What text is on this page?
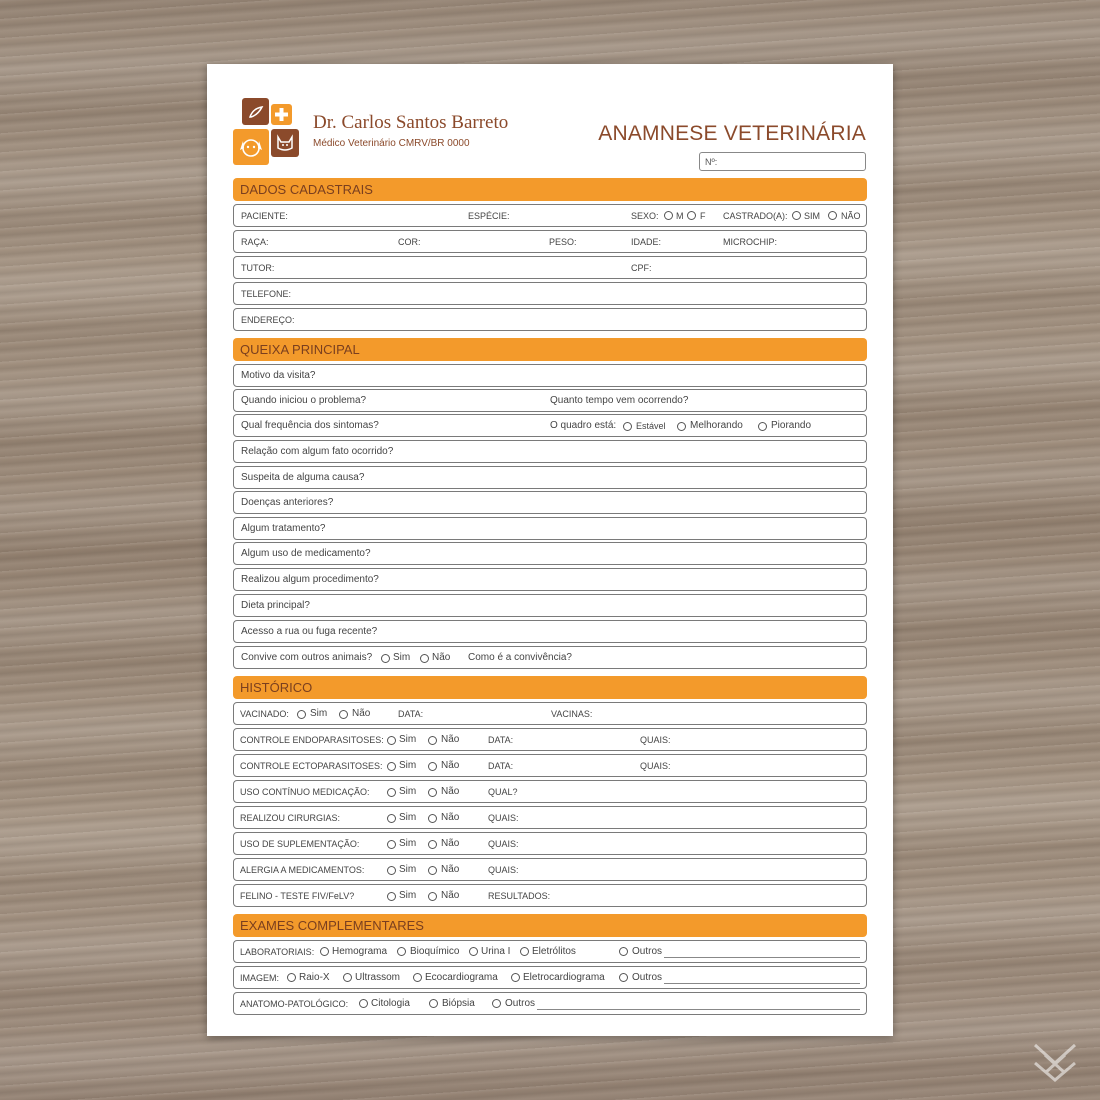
Dr. Carlos Santos Barreto
Médico Veterinário CMRV/BR 0000	ANAMNESE VETERINÁRIA
Nº:
DADOS CADASTRAIS
PACIENTE:	ESPÉCIE:	SEXO: M F CASTRADO(A): SIM NÃO
RAÇA:	COR:	PESO:	IDADE:	MICROCHIP:
TUTOR:	CPF:
TELEFONE:
ENDEREÇO:
QUEIXA PRINCIPAL
Motivo da visita?
Quando iniciou o problema?	Quanto tempo vem ocorrendo?
Qual frequência dos sintomas?	O quadro está: Estável Melhorando	Piorando
Relação com algum fato ocorrido?
Suspeita de alguma causa?
Doenças anteriores?
Algum tratamento?
Algum uso de medicamento?
Realizou algum procedimento?
Dieta principal?
Acesso a rua ou fuga recente?
Convive com outros animais? Sim Não Como é a convivência?
HISTÓRICO
VACINADO: Sim Não	DATA:	VACINAS:
CONTROLE ENDOPARASITOSES: Sim Não	DATA:	QUAIS:
CONTROLE ECTOPARASITOSES: Sim Não	DATA:	QUAIS:
USO CONTÍNUO MEDICAÇÃO:	Sim Não	QUAL?
REALIZOU CIRURGIAS:	Sim Não	QUAIS:
USO DE SUPLEMENTAÇÃO:	Sim Não	QUAIS:
ALERGIA A MEDICAMENTOS:	Sim Não	QUAIS:
FELINO - TESTE FIV/FeLV?	Sim Não	RESULTADOS:
EXAMES COMPLEMENTARES
LABORATORIAIS: Hemograma Bioquímico Urina I Eletrólitos	Outros
IMAGEM: Raio-X	Ultrassom Ecocardiograma	Eletrocardiograma	Outros
ANATOMO-PATOLÓGICO: Citologia	Biópsia	Outros
